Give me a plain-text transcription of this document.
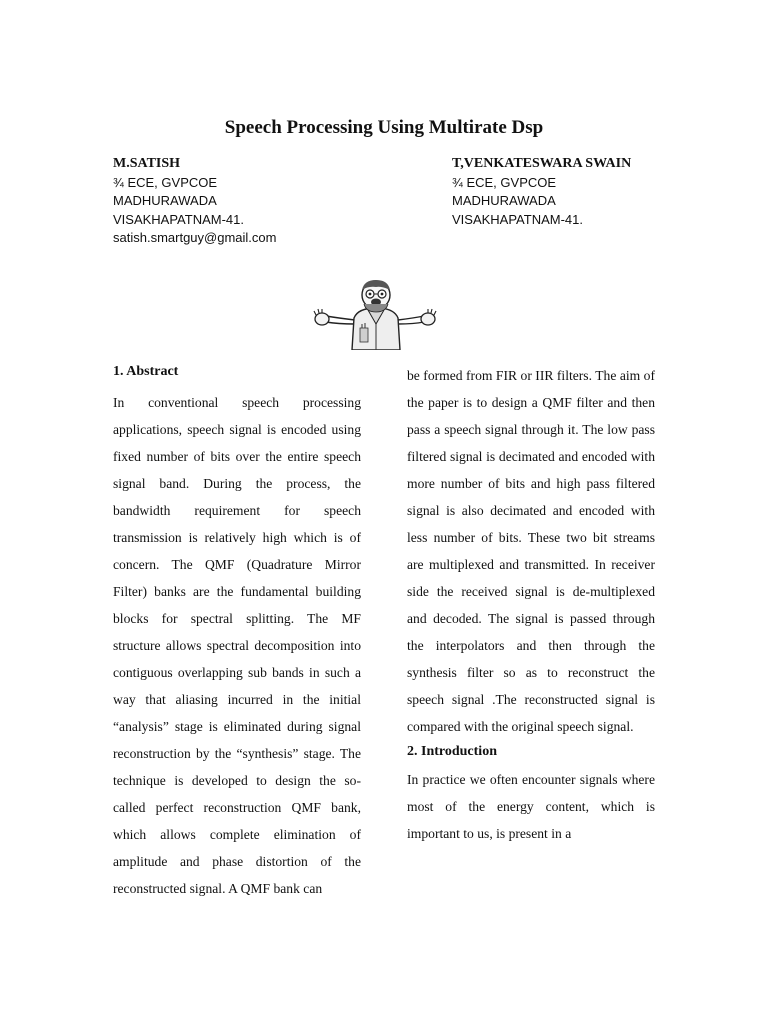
Speech Processing Using Multirate Dsp
M.SATISH
¾ ECE, GVPCOE
MADHURAWADA
VISAKHAPATNAM-41.
satish.smartguy@gmail.com
T,VENKATESWARA SWAIN
¾ ECE, GVPCOE
MADHURAWADA
VISAKHAPATNAM-41.
1. Abstract

In conventional speech processing applications, speech signal is encoded using fixed number of bits over the entire speech signal band. During the process, the bandwidth requirement for speech transmission is relatively high which is of concern. The QMF (Quadrature Mirror Filter) banks are the fundamental building blocks for spectral splitting. The MF structure allows spectral decomposition into contiguous overlapping sub bands in such a way that aliasing incurred in the initial “analysis” stage is eliminated during signal reconstruction by the “synthesis” stage. The technique is developed to design the so-called perfect reconstruction QMF bank, which allows complete elimination of amplitude and phase distortion of the reconstructed signal. A QMF bank can

be formed from FIR or IIR filters. The aim of the paper is to design a QMF filter and then pass a speech signal through it. The low pass filtered signal is decimated and encoded with more number of bits and high pass filtered signal is also decimated and encoded with less number of bits. These two bit streams are multiplexed and transmitted. In receiver side the received signal is de-multiplexed and decoded. The signal is passed through the interpolators and then through the synthesis filter so as to reconstruct the speech signal .The reconstructed signal is compared with the original speech signal.

2. Introduction

In practice we often encounter signals where most of the energy content, which is important to us, is present in a
